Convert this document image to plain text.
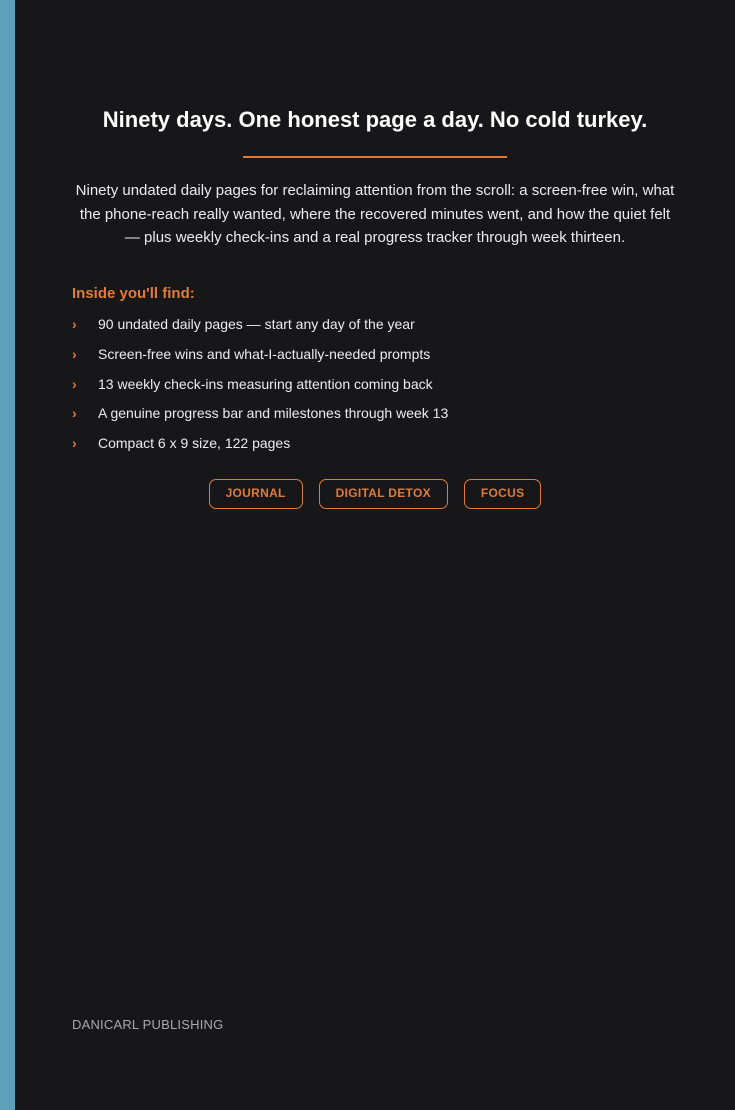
Ninety days. One honest page a day. No cold turkey.

Ninety undated daily pages for reclaiming attention from the scroll: a screen-free win, what the phone-reach really wanted, where the recovered minutes went, and how the quiet felt — plus weekly check-ins and a real progress tracker through week thirteen.

Inside you'll find:
› 90 undated daily pages — start any day of the year
› Screen-free wins and what-I-actually-needed prompts
› 13 weekly check-ins measuring attention coming back
› A genuine progress bar and milestones through week 13
› Compact 6 x 9 size, 122 pages
JOURNAL	DIGITAL DETOX	FOCUS

DANICARL PUBLISHING
